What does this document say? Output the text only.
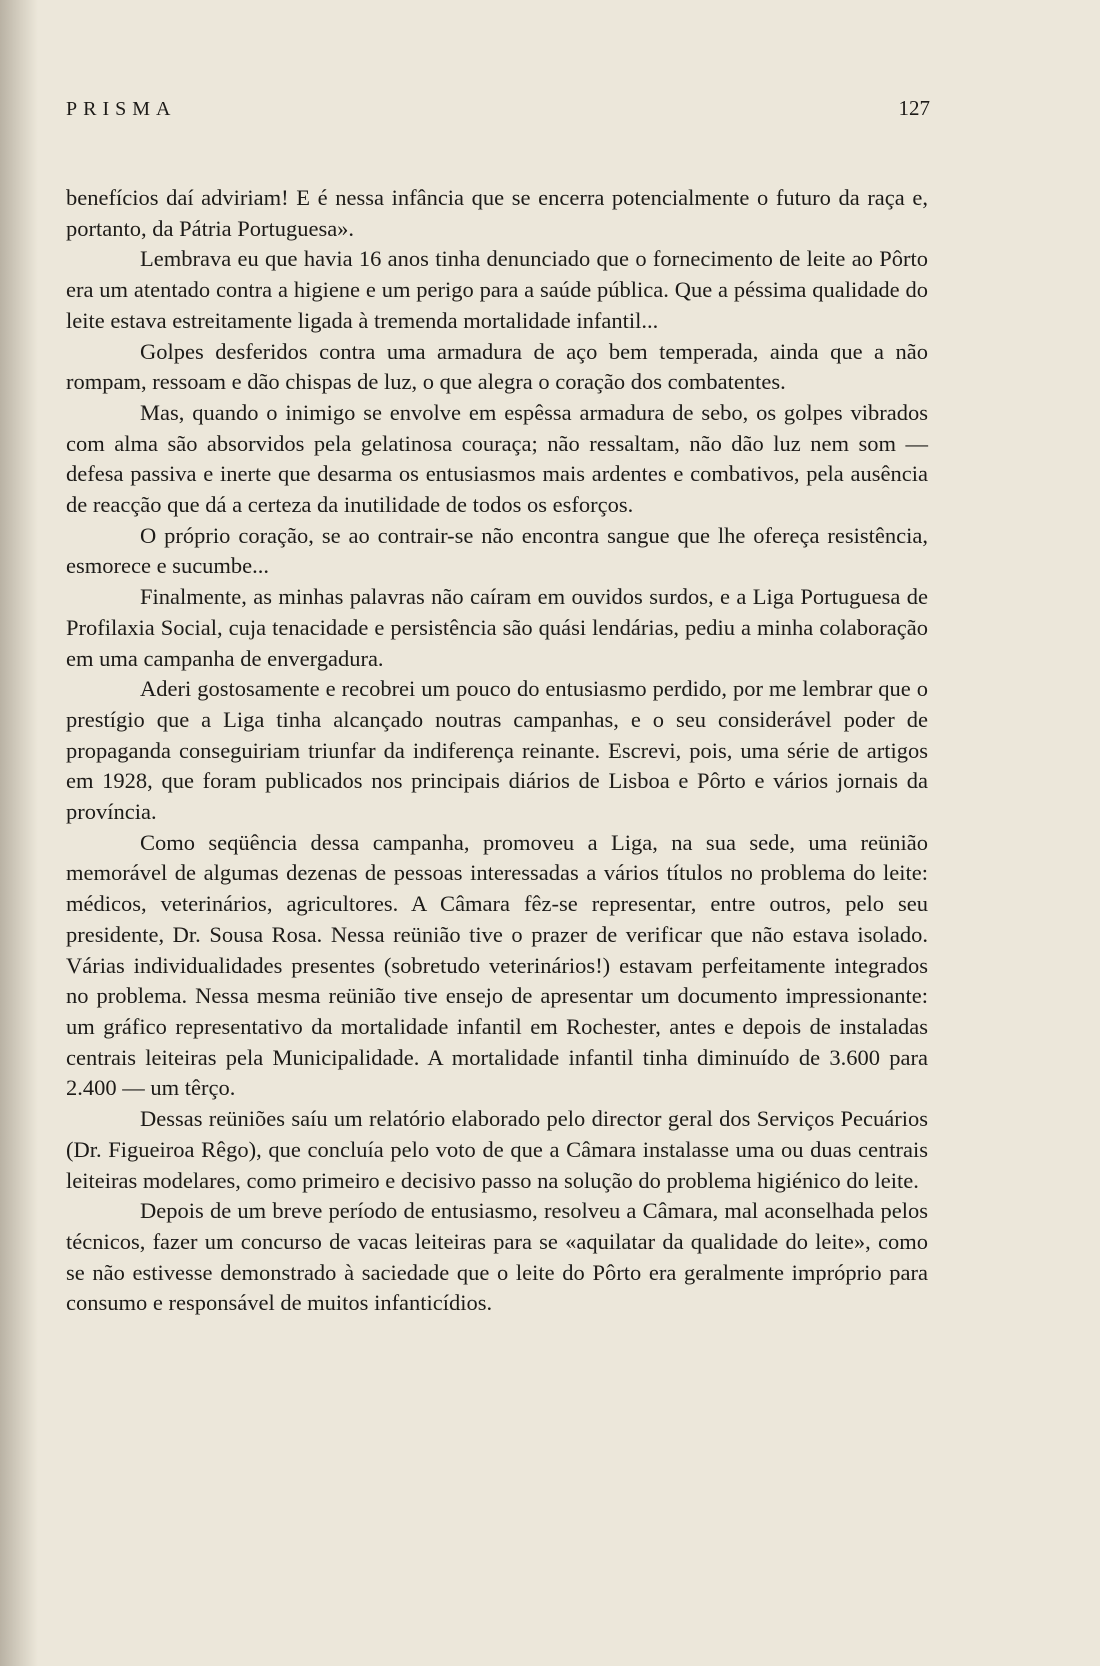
PRISMA	127

benefícios daí adviriam! E é nessa infância que se encerra potencialmente o futuro da raça e, portanto, da Pátria Portuguesa».

Lembrava eu que havia 16 anos tinha denunciado que o fornecimento de leite ao Pôrto era um atentado contra a higiene e um perigo para a saúde pública. Que a péssima qualidade do leite estava estreitamente ligada à tremenda mortalidade infantil...

Golpes desferidos contra uma armadura de aço bem temperada, ainda que a não rompam, ressoam e dão chispas de luz, o que alegra o coração dos combatentes.

Mas, quando o inimigo se envolve em espêssa armadura de sebo, os golpes vibrados com alma são absorvidos pela gelatinosa couraça; não ressaltam, não dão luz nem som — defesa passiva e inerte que desarma os entusiasmos mais ardentes e combativos, pela ausência de reacção que dá a certeza da inutilidade de todos os esforços.

O próprio coração, se ao contrair-se não encontra sangue que lhe ofereça resistência, esmorece e sucumbe...

Finalmente, as minhas palavras não caíram em ouvidos surdos, e a Liga Portuguesa de Profilaxia Social, cuja tenacidade e persistência são quási lendárias, pediu a minha colaboração em uma campanha de envergadura.

Aderi gostosamente e recobrei um pouco do entusiasmo perdido, por me lembrar que o prestígio que a Liga tinha alcançado noutras campanhas, e o seu considerável poder de propaganda conseguiriam triunfar da indiferença reinante. Escrevi, pois, uma série de artigos em 1928, que foram publicados nos principais diários de Lisboa e Pôrto e vários jornais da província.

Como seqüência dessa campanha, promoveu a Liga, na sua sede, uma reünião memorável de algumas dezenas de pessoas interessadas a vários títulos no problema do leite: médicos, veterinários, agricultores. A Câmara fêz-se representar, entre outros, pelo seu presidente, Dr. Sousa Rosa. Nessa reünião tive o prazer de verificar que não estava isolado. Várias individualidades presentes (sobretudo veterinários!) estavam perfeitamente integrados no problema. Nessa mesma reünião tive ensejo de apresentar um documento impressionante: um gráfico representativo da mortalidade infantil em Rochester, antes e depois de instaladas centrais leiteiras pela Municipalidade. A mortalidade infantil tinha diminuído de 3.600 para 2.400 — um têrço.

Dessas reüniões saíu um relatório elaborado pelo director geral dos Serviços Pecuários (Dr. Figueiroa Rêgo), que concluía pelo voto de que a Câmara instalasse uma ou duas centrais leiteiras modelares, como primeiro e decisivo passo na solução do problema higiénico do leite.

Depois de um breve período de entusiasmo, resolveu a Câmara, mal aconselhada pelos técnicos, fazer um concurso de vacas leiteiras para se «aquilatar da qualidade do leite», como se não estivesse demonstrado à saciedade que o leite do Pôrto era geralmente impróprio para consumo e responsável de muitos infanticídios.
